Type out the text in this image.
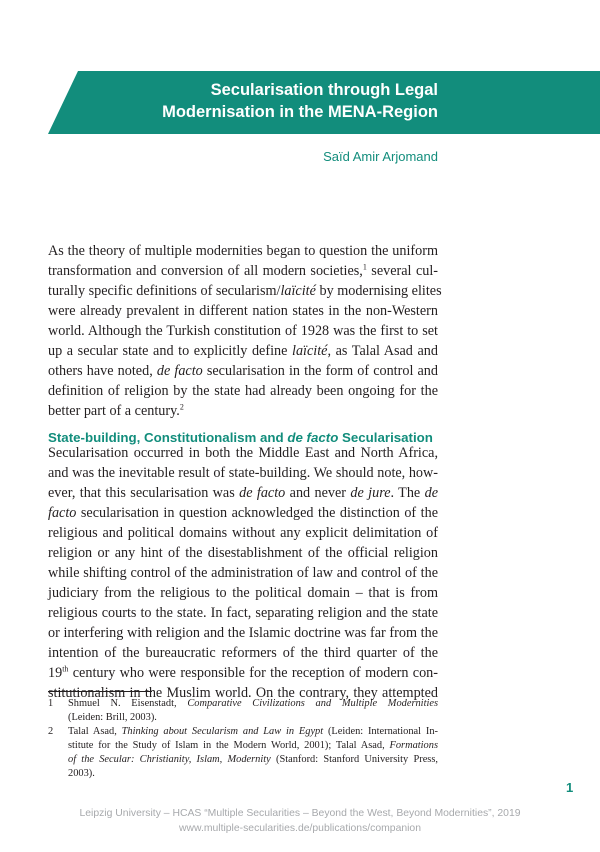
Secularisation through Legal
Modernisation in the MENA-Region
Saïd Amir Arjomand
As the theory of multiple modernities began to question the uniform
transformation and conversion of all modern societies,$^1$ several cul-
turally specific definitions of secularism/laïcité by modernising elites
were already prevalent in different nation states in the non-Western
world. Although the Turkish constitution of 1928 was the first to set
up a secular state and to explicitly define laïcité, as Talal Asad and
others have noted, de facto secularisation in the form of control and
definition of religion by the state had already been ongoing for the
better part of a century.$^2$
State-building, Constitutionalism and de facto Secularisation
Secularisation occurred in both the Middle East and North Africa,
and was the inevitable result of state-building. We should note, how-
ever, that this secularisation was de facto and never de jure. The de
facto secularisation in question acknowledged the distinction of the
religious and political domains without any explicit delimitation of
religion or any hint of the disestablishment of the official religion
while shifting control of the administration of law and control of the
judiciary from the religious to the political domain – that is from
religious courts to the state. In fact, separating religion and the state
or interfering with religion and the Islamic doctrine was far from the
intention of the bureaucratic reformers of the third quarter of the
19th century who were responsible for the reception of modern con-
stitutionalism in the Muslim world. On the contrary, they attempted
1 Shmuel N. Eisenstadt, Comparative Civilizations and Multiple Modernities
(Leiden: Brill, 2003).
2 Talal Asad, Thinking about Secularism and Law in Egypt (Leiden: International In-
stitute for the Study of Islam in the Modern World, 2001); Talal Asad, Formations
of the Secular: Christianity, Islam, Modernity (Stanford: Stanford University Press,
2003).
1
Leipzig University – HCAS “Multiple Secularities – Beyond the West, Beyond Modernities”, 2019
www.multiple-secularities.de/publications/companion
